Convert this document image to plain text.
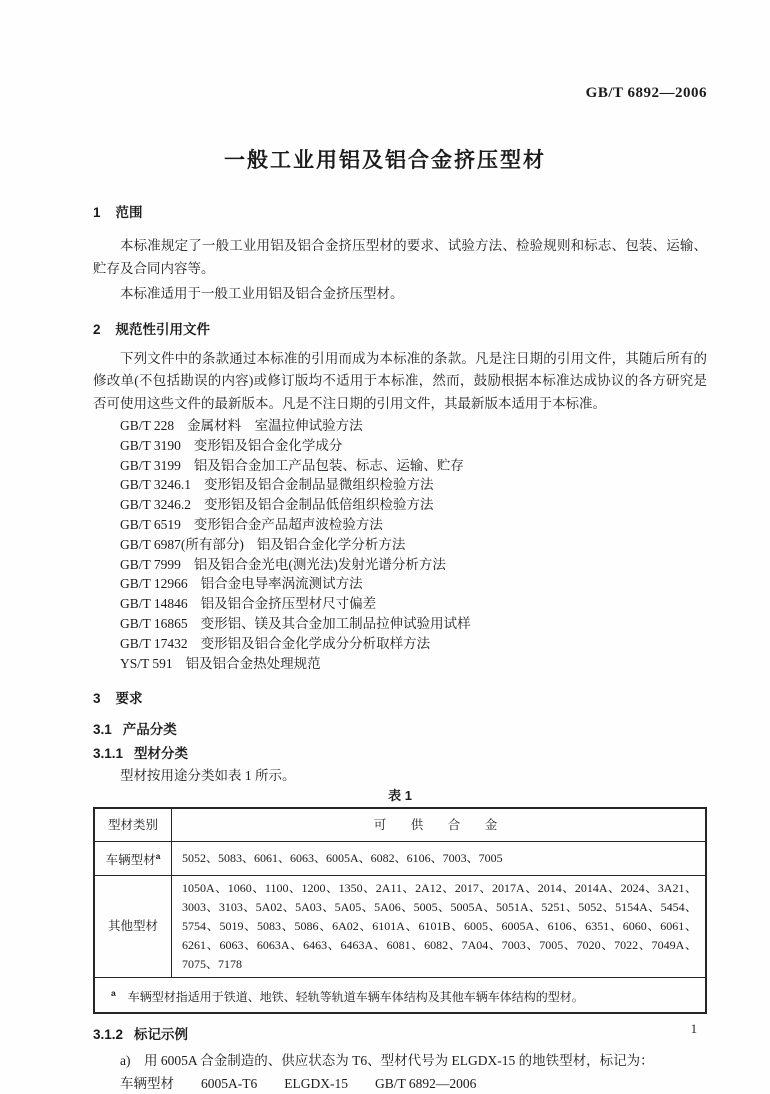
GB/T 6892—2006
一般工业用铝及铝合金挤压型材
1 范围

本标准规定了一般工业用铝及铝合金挤压型材的要求、试验方法、检验规则和标志、包装、运输、贮存及合同内容等。

本标准适用于一般工业用铝及铝合金挤压型材。

2 规范性引用文件

下列文件中的条款通过本标准的引用而成为本标准的条款。凡是注日期的引用文件，其随后所有的修改单(不包括勘误的内容)或修订版均不适用于本标准，然而，鼓励根据本标准达成协议的各方研究是否可使用这些文件的最新版本。凡是不注日期的引用文件，其最新版本适用于本标准。

GB/T 228 金属材料　室温拉伸试验方法
GB/T 3190 变形铝及铝合金化学成分
GB/T 3199 铝及铝合金加工产品包装、标志、运输、贮存
GB/T 3246.1 变形铝及铝合金制品显微组织检验方法
GB/T 3246.2 变形铝及铝合金制品低倍组织检验方法
GB/T 6519 变形铝合金产品超声波检验方法
GB/T 6987(所有部分) 铝及铝合金化学分析方法
GB/T 7999 铝及铝合金光电(测光法)发射光谱分析方法
GB/T 12966 铝合金电导率涡流测试方法
GB/T 14846 铝及铝合金挤压型材尺寸偏差
GB/T 16865 变形铝、镁及其合金加工制品拉伸试验用试样
GB/T 17432 变形铝及铝合金化学成分分析取样方法
YS/T 591 铝及铝合金热处理规范
3 要求
3.1 产品分类
3.1.1 型材分类

型材按用途分类如表 1 所示。

表 1
型材类别	可　供　合　金
车辆型材$^a$	5052、5083、6061、6063、6005A、6082、6106、7003、7005
其他型材	1050A、1060、1100、1200、1350、2A11、2A12、2017、2017A、2014、2014A、2024、3A21、3003、3103、5A02、5A03、5A05、5A06、5005、5005A、5051A、5251、5052、5154A、5454、5754、5019、5083、5086、6A02、6101A、6101B、6005、6005A、6106、6351、6060、6061、6261、6063、6063A、6463、6463A、6081、6082、7A04、7003、7005、7020、7022、7049A、7075、7178
$^a$ 车辆型材指适用于铁道、地铁、轻轨等轨道车辆车体结构及其他车辆车体结构的型材。	
3.1.2 标记示例

a)　用 6005A 合金制造的、供应状态为 T6、型材代号为 ELGDX-15 的地铁型材，标记为：

车辆型材　　6005A-T6　　ELGDX-15　　GB/T 6892—2006

1
